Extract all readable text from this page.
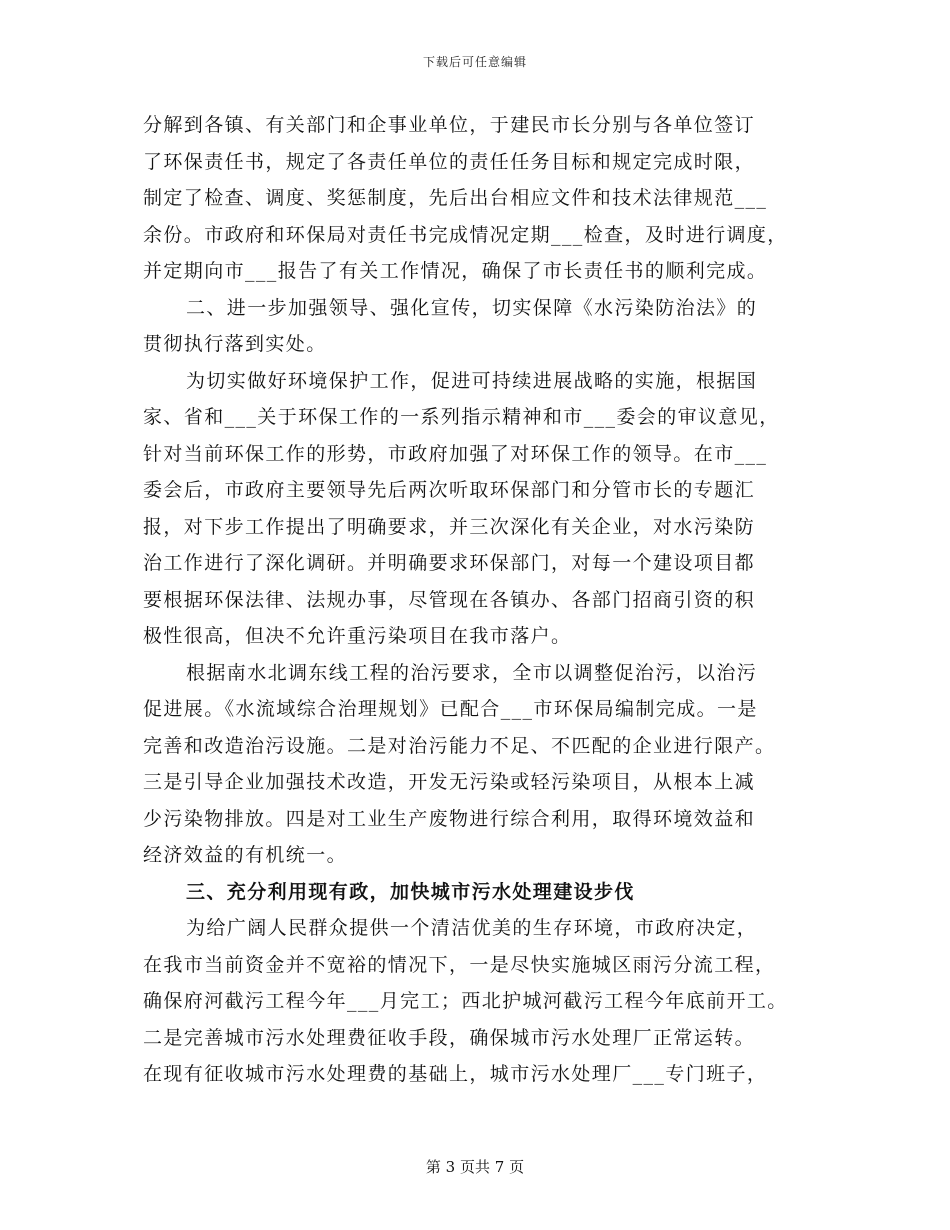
下载后可任意编辑
分解到各镇、有关部门和企事业单位，于建民市长分别与各单位签订
了环保责任书，规定了各责任单位的责任任务目标和规定完成时限，
制定了检查、调度、奖惩制度，先后出台相应文件和技术法律规范___
余份。市政府和环保局对责任书完成情况定期___检查，及时进行调度，
并定期向市___报告了有关工作情况，确保了市长责任书的顺利完成。
二、进一步加强领导、强化宣传，切实保障《水污染防治法》的
贯彻执行落到实处。
为切实做好环境保护工作，促进可持续进展战略的实施，根据国
家、省和___关于环保工作的一系列指示精神和市___委会的审议意见，
针对当前环保工作的形势，市政府加强了对环保工作的领导。在市___
委会后，市政府主要领导先后两次听取环保部门和分管市长的专题汇
报，对下步工作提出了明确要求，并三次深化有关企业，对水污染防
治工作进行了深化调研。并明确要求环保部门，对每一个建设项目都
要根据环保法律、法规办事，尽管现在各镇办、各部门招商引资的积
极性很高，但决不允许重污染项目在我市落户。
根据南水北调东线工程的治污要求，全市以调整促治污，以治污
促进展。《水流域综合治理规划》已配合___市环保局编制完成。一是
完善和改造治污设施。二是对治污能力不足、不匹配的企业进行限产。
三是引导企业加强技术改造，开发无污染或轻污染项目，从根本上减
少污染物排放。四是对工业生产废物进行综合利用，取得环境效益和
经济效益的有机统一。
三、充分利用现有政，加快城市污水处理建设步伐
为给广阔人民群众提供一个清洁优美的生存环境，市政府决定，
在我市当前资金并不宽裕的情况下，一是尽快实施城区雨污分流工程，
确保府河截污工程今年___月完工；西北护城河截污工程今年底前开工。
二是完善城市污水处理费征收手段，确保城市污水处理厂正常运转。
在现有征收城市污水处理费的基础上，城市污水处理厂___专门班子，
第 3 页共 7 页
